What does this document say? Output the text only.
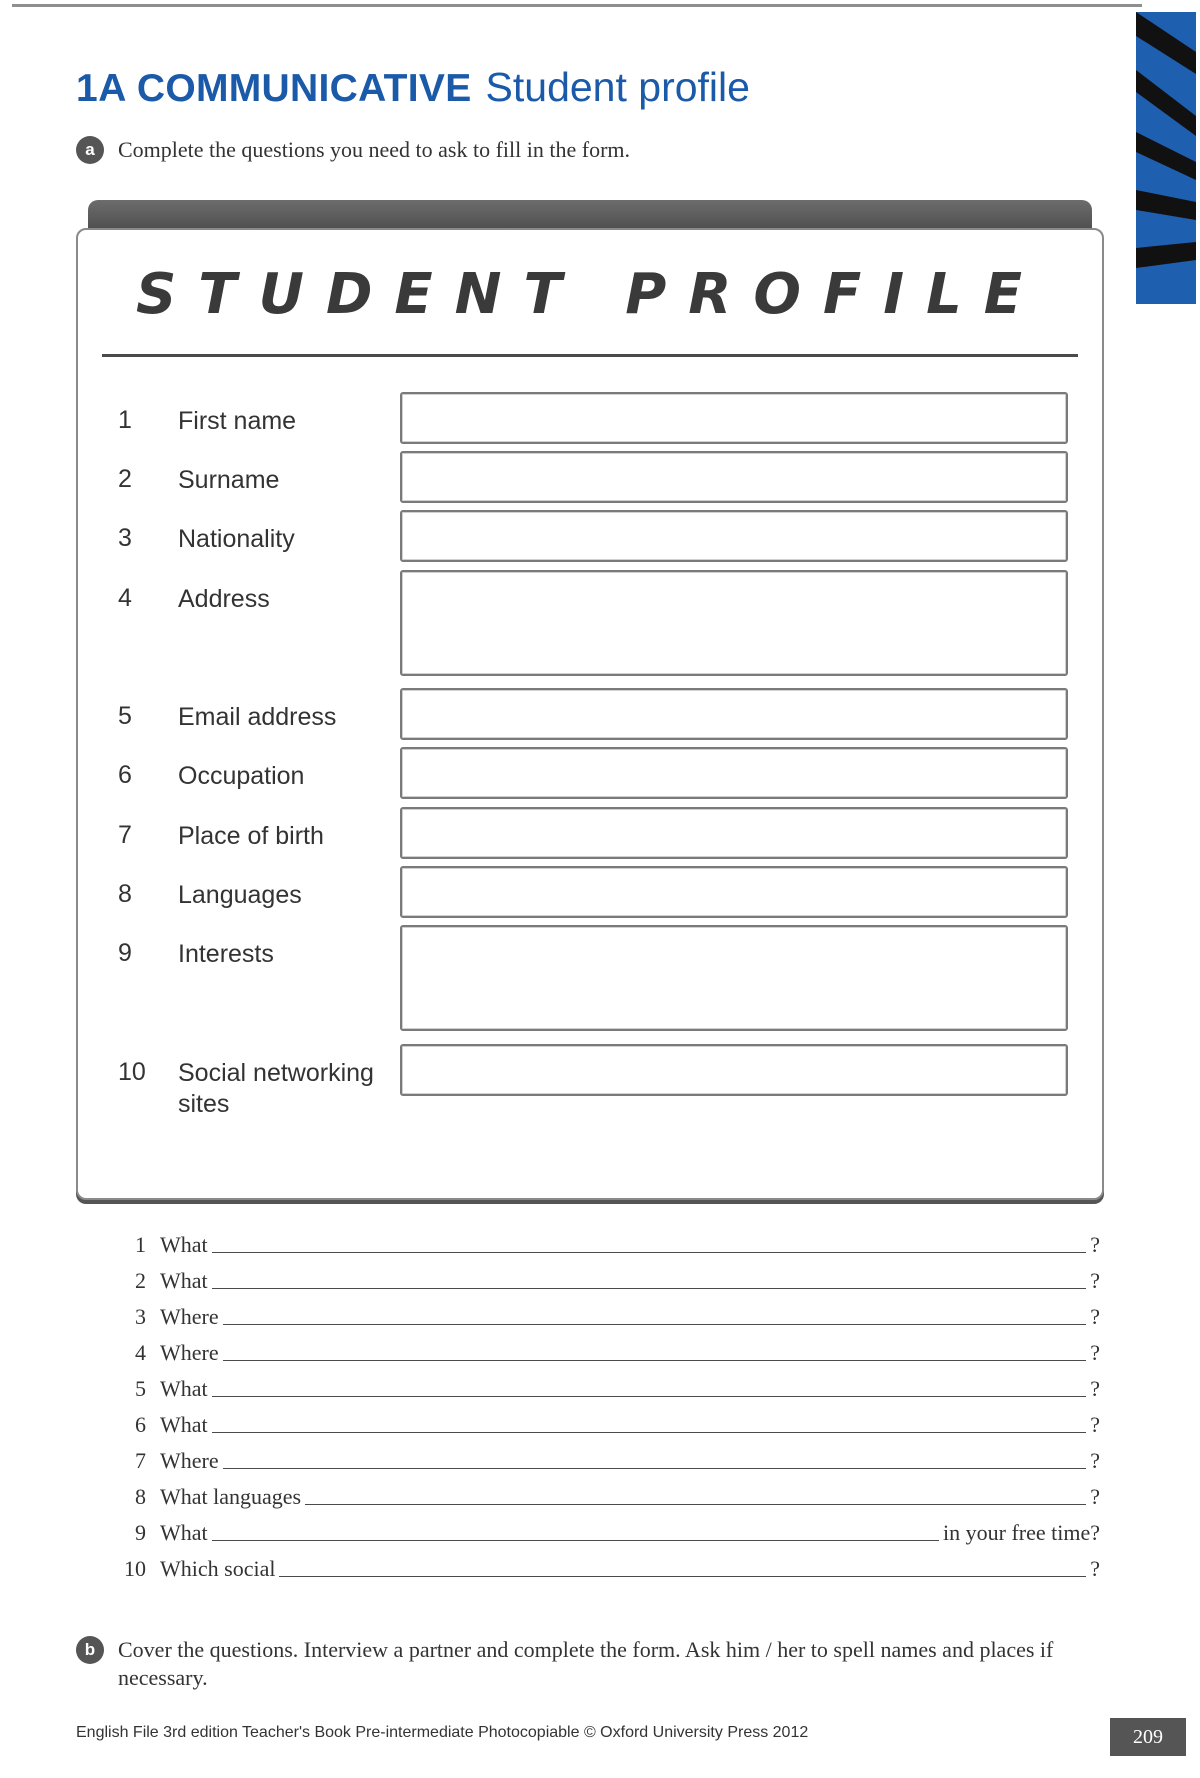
1A COMMUNICATIVE Student profile
a Complete the questions you need to ask to fill in the form.
STUDENT PROFILE
1	First name
2	Surname
3	Nationality
4	Address
5	Email address
6	Occupation
7	Place of birth
8	Languages
9	Interests
10	Social networking sites
1 What	?
2 What	?
3 Where	?
4 Where	?
5 What	?
6 What	?
7 Where	?
8 What languages	?
9 What	in your free time?
10 Which social	?
b Cover the questions. Interview a partner and complete the form. Ask him / her to spell names and places if necessary.
English File 3rd edition Teacher's Book Pre-intermediate Photocopiable © Oxford University Press 2012	209
